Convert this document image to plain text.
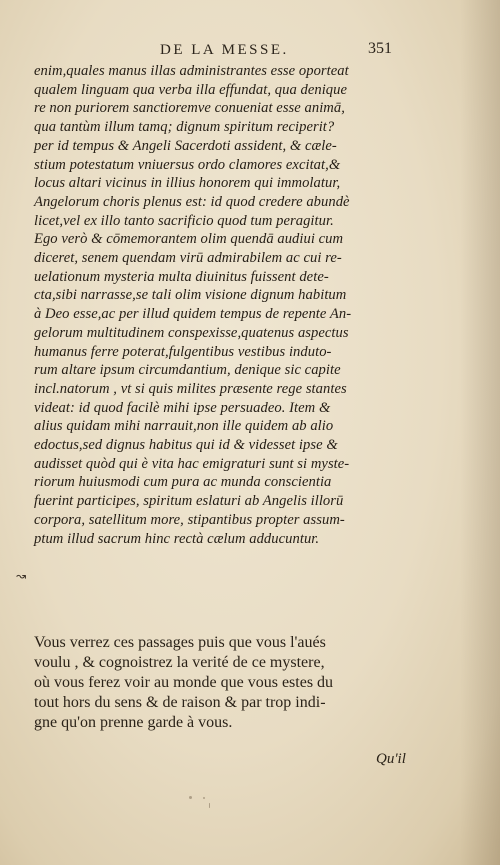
DE LA MESSE.	351
enim,quales manus illas administrantes esse oporteat
qualem linguam qua verba illa effundat, qua denique
re non puriorem sanctioremve conueniat esse animā,
qua tantùm illum tamq; dignum spiritum reciperit?
per id tempus & Angeli Sacerdoti assident, & cæle-
stium potestatum vniuersus ordo clamores excitat,&
locus altari vicinus in illius honorem qui immolatur,
Angelorum choris plenus est: id quod credere abundè
licet,vel ex illo tanto sacrificio quod tum peragitur.
Ego verò & cōmemorantem olim quendā audiui cum
diceret, senem quendam virū admirabilem ac cui re-
uelationum mysteria multa diuinitus fuissent dete-
cta,sibi narrasse,se tali olim visione dignum habitum
à Deo esse,ac per illud quidem tempus de repente An-
gelorum multitudinem conspexisse,quatenus aspectus
humanus ferre poterat,fulgentibus vestibus induto-
rum altare ipsum circumdantium, denique sic capite
incl.natorum , vt si quis milites præsente rege stantes
videat: id quod facilè mihi ipse persuadeo. Item &
alius quidam mihi narrauit,non ille quidem ab alio
edoctus,sed dignus habitus qui id & videsset ipse &
audisset quòd qui è vita hac emigraturi sunt si myste-
riorum huiusmodi cum pura ac munda conscientia
fuerint participes, spiritum eslaturi ab Angelis illorū
corpora, satellitum more, stipantibus propter assum-
ptum illud sacrum hinc rectà cælum adducuntur.
↝
Vous verrez ces passages puis que vous l'aués
voulu , & cognoistrez la verité de ce mystere,
où vous ferez voir au monde que vous estes du
tout hors du sens & de raison & par trop indi-
gne qu'on prenne garde à vous.
Qu'il
